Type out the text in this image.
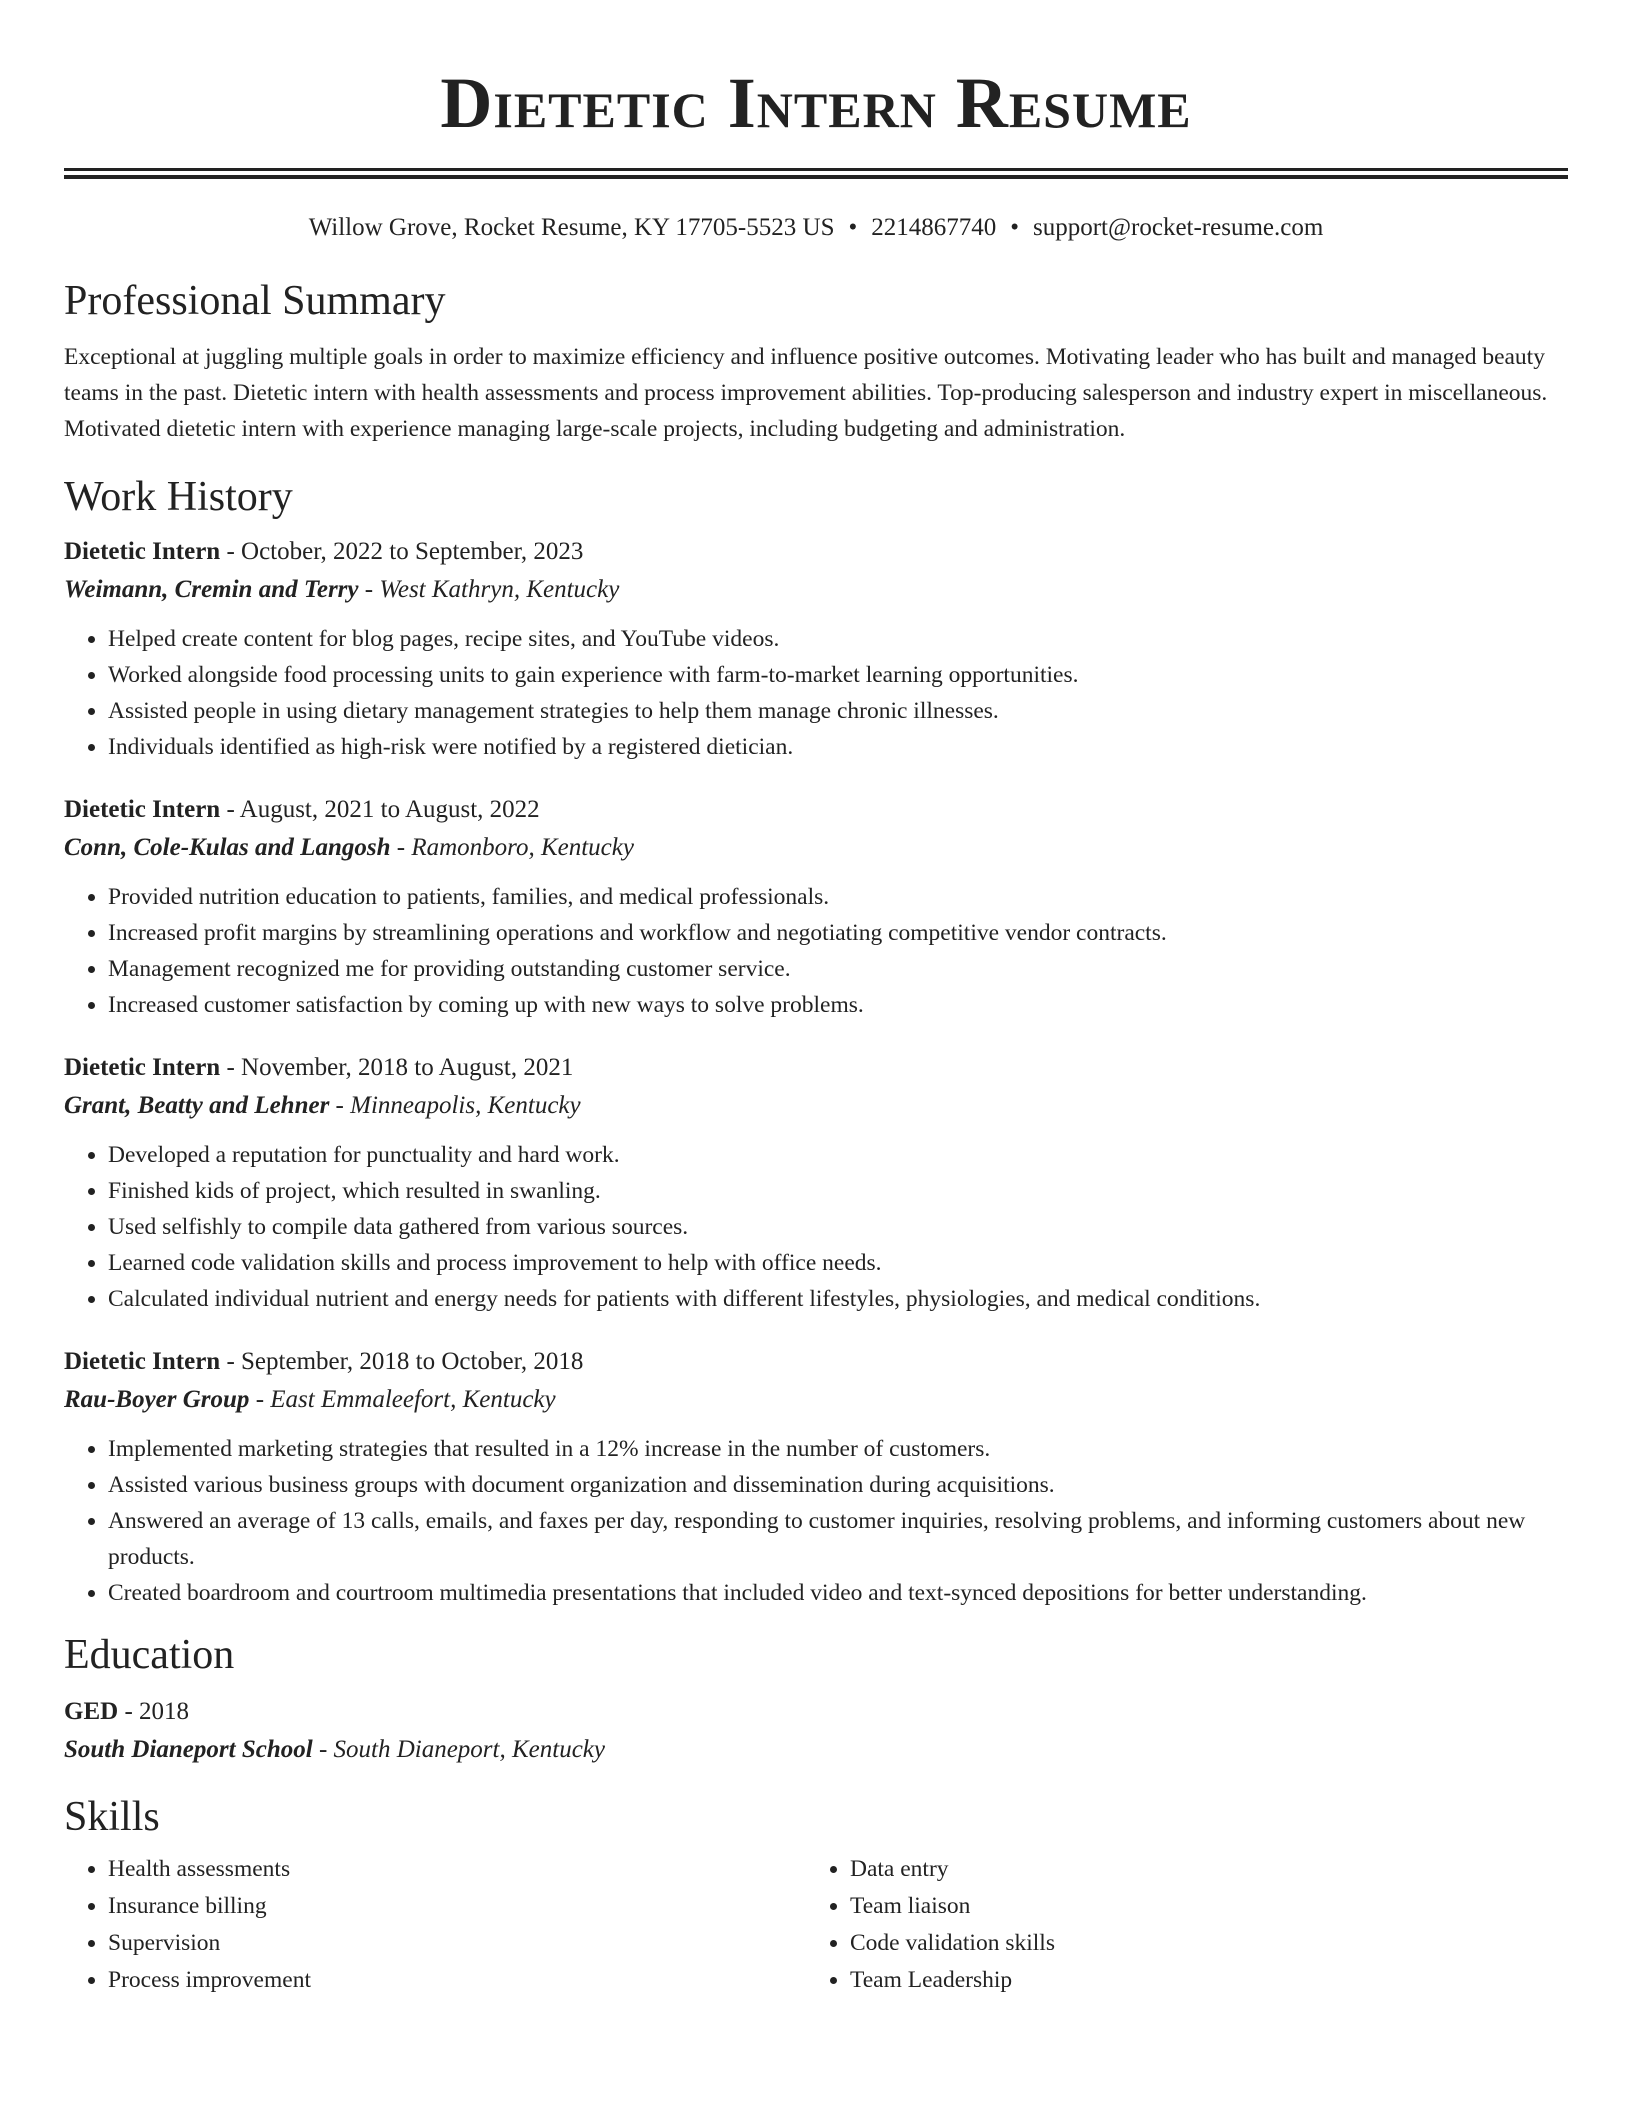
Dietetic Intern Resume
Willow Grove, Rocket Resume, KY 17705-5523 US • 2214867740 • support@rocket-resume.com
Professional Summary

Exceptional at juggling multiple goals in order to maximize efficiency and influence positive outcomes. Motivating leader who has built and managed beauty teams in the past. Dietetic intern with health assessments and process improvement abilities. Top-producing salesperson and industry expert in miscellaneous. Motivated dietetic intern with experience managing large-scale projects, including budgeting and administration.

Work History
Dietetic Intern - October, 2022 to September, 2023
Weimann, Cremin and Terry - West Kathryn, Kentucky
• Helped create content for blog pages, recipe sites, and YouTube videos.
• Worked alongside food processing units to gain experience with farm-to-market learning opportunities.
• Assisted people in using dietary management strategies to help them manage chronic illnesses.
• Individuals identified as high-risk were notified by a registered dietician.
Dietetic Intern - August, 2021 to August, 2022
Conn, Cole-Kulas and Langosh - Ramonboro, Kentucky
• Provided nutrition education to patients, families, and medical professionals.
• Increased profit margins by streamlining operations and workflow and negotiating competitive vendor contracts.
• Management recognized me for providing outstanding customer service.
• Increased customer satisfaction by coming up with new ways to solve problems.
Dietetic Intern - November, 2018 to August, 2021
Grant, Beatty and Lehner - Minneapolis, Kentucky
• Developed a reputation for punctuality and hard work.
• Finished kids of project, which resulted in swanling.
• Used selfishly to compile data gathered from various sources.
• Learned code validation skills and process improvement to help with office needs.
• Calculated individual nutrient and energy needs for patients with different lifestyles, physiologies, and medical conditions.
Dietetic Intern - September, 2018 to October, 2018
Rau-Boyer Group - East Emmaleefort, Kentucky
• Implemented marketing strategies that resulted in a 12% increase in the number of customers.
• Assisted various business groups with document organization and dissemination during acquisitions.
• Answered an average of 13 calls, emails, and faxes per day, responding to customer inquiries, resolving problems, and informing customers about new products.
• Created boardroom and courtroom multimedia presentations that included video and text-synced depositions for better understanding.
Education
GED - 2018
South Dianeport School - South Dianeport, Kentucky
Skills
• Health assessments
• Insurance billing
• Supervision
• Process improvement
• Data entry
• Team liaison
• Code validation skills
• Team Leadership
